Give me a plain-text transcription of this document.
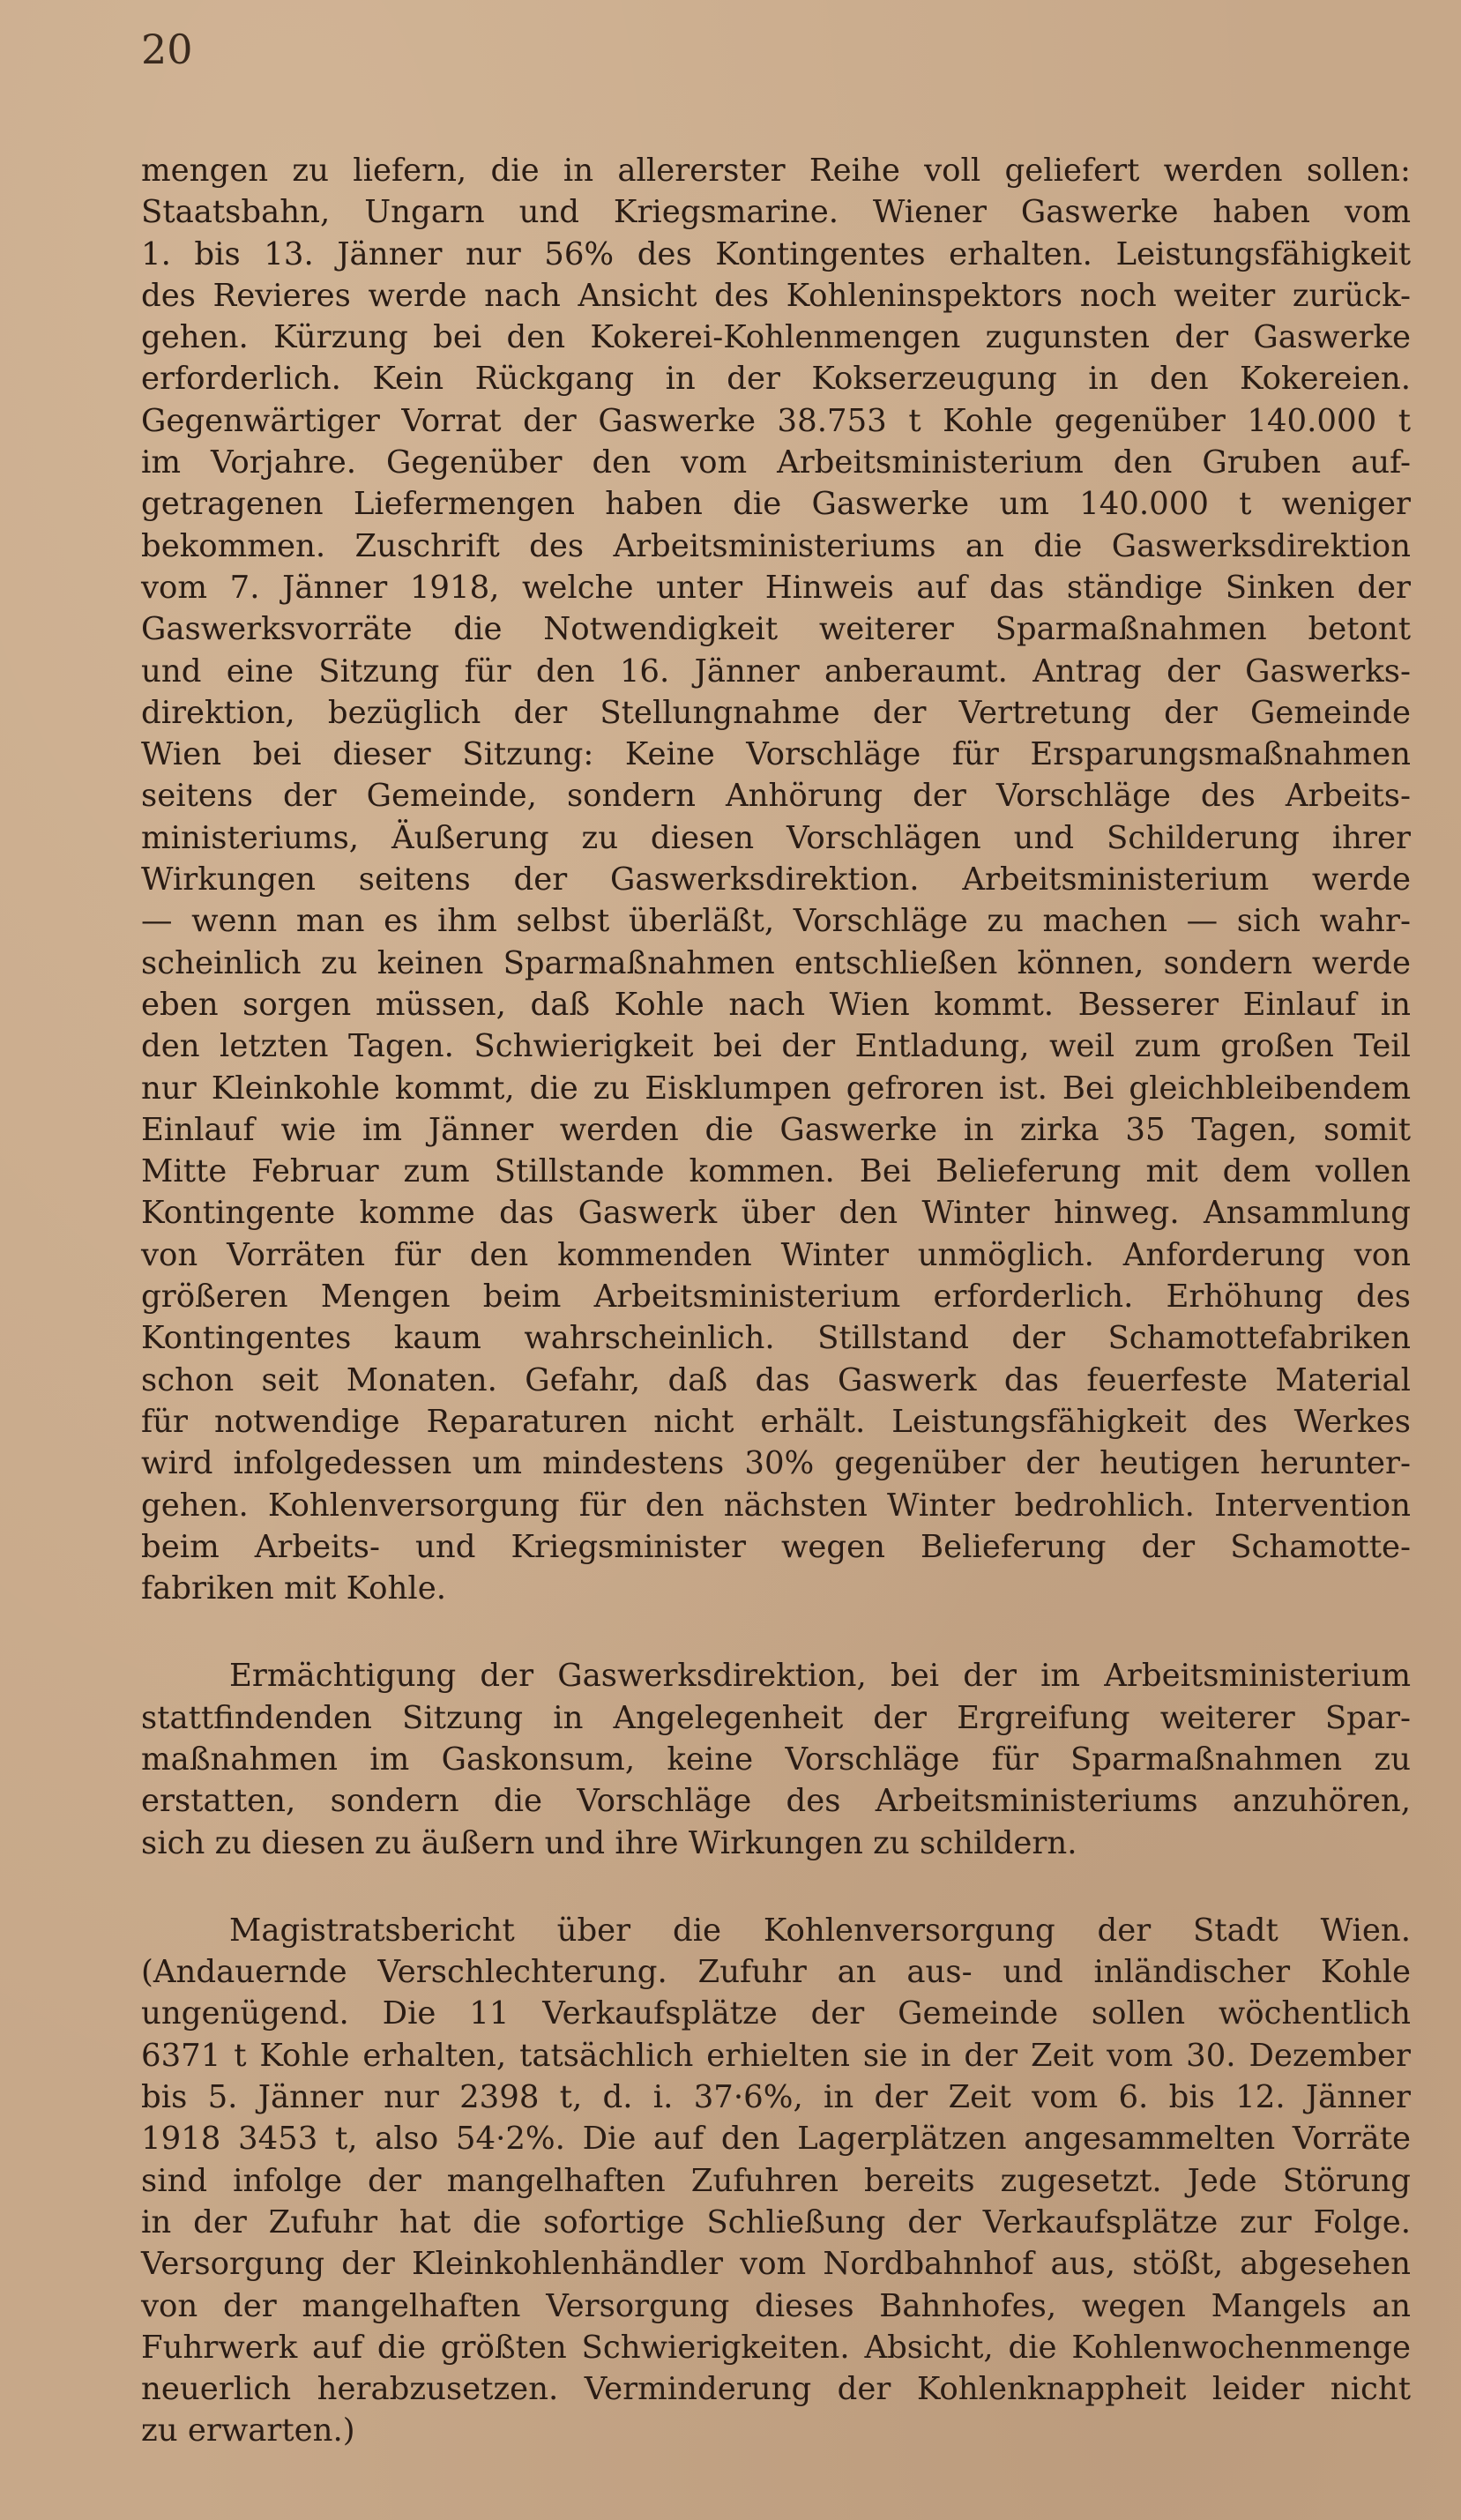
20
mengen zu liefern, die in allererster Reihe voll geliefert werden sollen:
Staatsbahn, Ungarn und Kriegsmarine. Wiener Gaswerke haben vom
1. bis 13. Jänner nur 56% des Kontingentes erhalten. Leistungsfähigkeit
des Revieres werde nach Ansicht des Kohleninspektors noch weiter zurück-
gehen. Kürzung bei den Kokerei-Kohlenmengen zugunsten der Gaswerke
erforderlich. Kein Rückgang in der Kokserzeugung in den Kokereien.
Gegenwärtiger Vorrat der Gaswerke 38.753 t Kohle gegenüber 140.000 t
im Vorjahre. Gegenüber den vom Arbeitsministerium den Gruben auf-
getragenen Liefermengen haben die Gaswerke um 140.000 t weniger
bekommen. Zuschrift des Arbeitsministeriums an die Gaswerksdirektion
vom 7. Jänner 1918, welche unter Hinweis auf das ständige Sinken der
Gaswerksvorräte die Notwendigkeit weiterer Sparmaßnahmen betont
und eine Sitzung für den 16. Jänner anberaumt. Antrag der Gaswerks-
direktion, bezüglich der Stellungnahme der Vertretung der Gemeinde
Wien bei dieser Sitzung: Keine Vorschläge für Ersparungsmaßnahmen
seitens der Gemeinde, sondern Anhörung der Vorschläge des Arbeits-
ministeriums, Äußerung zu diesen Vorschlägen und Schilderung ihrer
Wirkungen seitens der Gaswerksdirektion. Arbeitsministerium werde
— wenn man es ihm selbst überläßt, Vorschläge zu machen — sich wahr-
scheinlich zu keinen Sparmaßnahmen entschließen können, sondern werde
eben sorgen müssen, daß Kohle nach Wien kommt. Besserer Einlauf in
den letzten Tagen. Schwierigkeit bei der Entladung, weil zum großen Teil
nur Kleinkohle kommt, die zu Eisklumpen gefroren ist. Bei gleichbleibendem
Einlauf wie im Jänner werden die Gaswerke in zirka 35 Tagen, somit
Mitte Februar zum Stillstande kommen. Bei Belieferung mit dem vollen
Kontingente komme das Gaswerk über den Winter hinweg. Ansammlung
von Vorräten für den kommenden Winter unmöglich. Anforderung von
größeren Mengen beim Arbeitsministerium erforderlich. Erhöhung des
Kontingentes kaum wahrscheinlich. Stillstand der Schamottefabriken
schon seit Monaten. Gefahr, daß das Gaswerk das feuerfeste Material
für notwendige Reparaturen nicht erhält. Leistungsfähigkeit des Werkes
wird infolgedessen um mindestens 30% gegenüber der heutigen herunter-
gehen. Kohlenversorgung für den nächsten Winter bedrohlich. Intervention
beim Arbeits- und Kriegsminister wegen Belieferung der Schamotte-
fabriken mit Kohle.
Ermächtigung der Gaswerksdirektion, bei der im Arbeitsministerium
stattfindenden Sitzung in Angelegenheit der Ergreifung weiterer Spar-
maßnahmen im Gaskonsum, keine Vorschläge für Sparmaßnahmen zu
erstatten, sondern die Vorschläge des Arbeitsministeriums anzuhören,
sich zu diesen zu äußern und ihre Wirkungen zu schildern.
Magistratsbericht über die Kohlenversorgung der Stadt Wien.
(Andauernde Verschlechterung. Zufuhr an aus- und inländischer Kohle
ungenügend. Die 11 Verkaufsplätze der Gemeinde sollen wöchentlich
6371 t Kohle erhalten, tatsächlich erhielten sie in der Zeit vom 30. Dezember
bis 5. Jänner nur 2398 t, d. i. 37·6%, in der Zeit vom 6. bis 12. Jänner
1918 3453 t, also 54·2%. Die auf den Lagerplätzen angesammelten Vorräte
sind infolge der mangelhaften Zufuhren bereits zugesetzt. Jede Störung
in der Zufuhr hat die sofortige Schließung der Verkaufsplätze zur Folge.
Versorgung der Kleinkohlenhändler vom Nordbahnhof aus, stößt, abgesehen
von der mangelhaften Versorgung dieses Bahnhofes, wegen Mangels an
Fuhrwerk auf die größten Schwierigkeiten. Absicht, die Kohlenwochenmenge
neuerlich herabzusetzen. Verminderung der Kohlenknappheit leider nicht
zu erwarten.)
